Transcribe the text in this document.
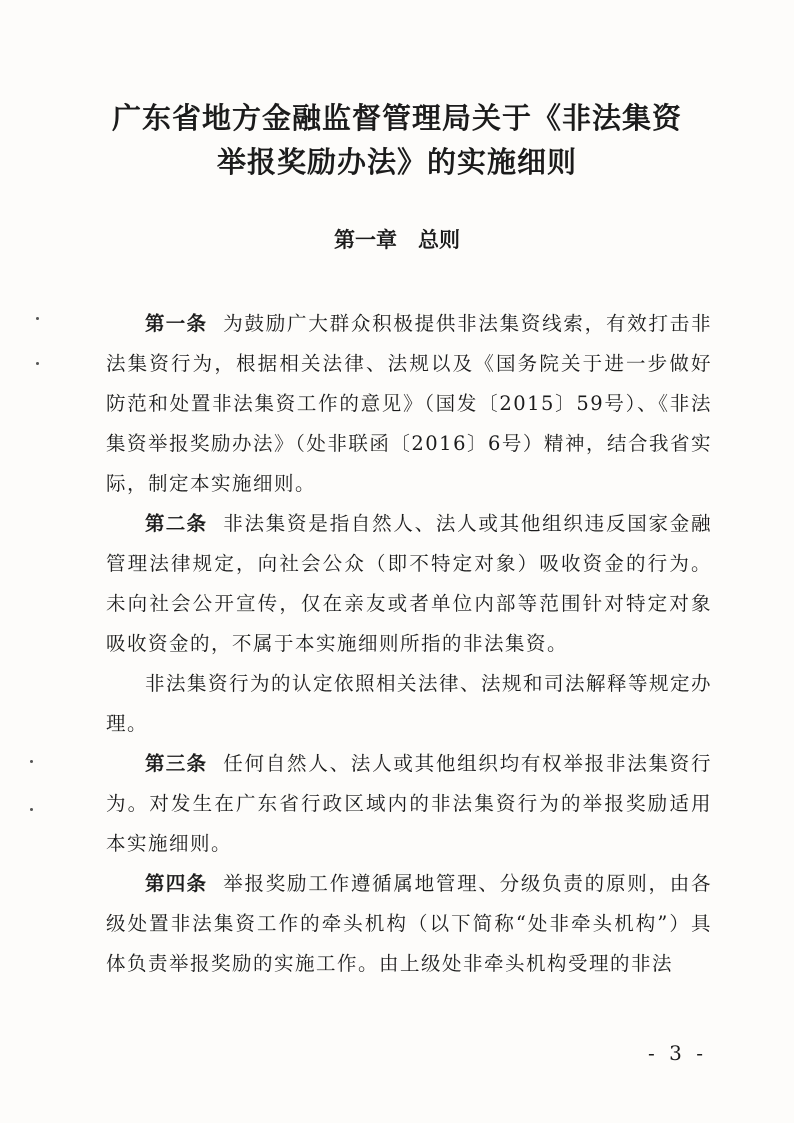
广东省地方金融监督管理局关于《非法集资
举报奖励办法》的实施细则
第一章　总则

第一条 为鼓励广大群众积极提供非法集资线索，有效打击非法集资行为，根据相关法律、法规以及《国务院关于进一步做好防范和处置非法集资工作的意见》（国发〔2015〕59号）、《非法集资举报奖励办法》（处非联函〔2016〕6号）精神，结合我省实际，制定本实施细则。

第二条 非法集资是指自然人、法人或其他组织违反国家金融管理法律规定，向社会公众（即不特定对象）吸收资金的行为。未向社会公开宣传，仅在亲友或者单位内部等范围针对特定对象吸收资金的，不属于本实施细则所指的非法集资。

非法集资行为的认定依照相关法律、法规和司法解释等规定办理。

第三条 任何自然人、法人或其他组织均有权举报非法集资行为。对发生在广东省行政区域内的非法集资行为的举报奖励适用本实施细则。

第四条 举报奖励工作遵循属地管理、分级负责的原则，由各级处置非法集资工作的牵头机构（以下简称“处非牵头机构”）具体负责举报奖励的实施工作。由上级处非牵头机构受理的非法

- 3 -
